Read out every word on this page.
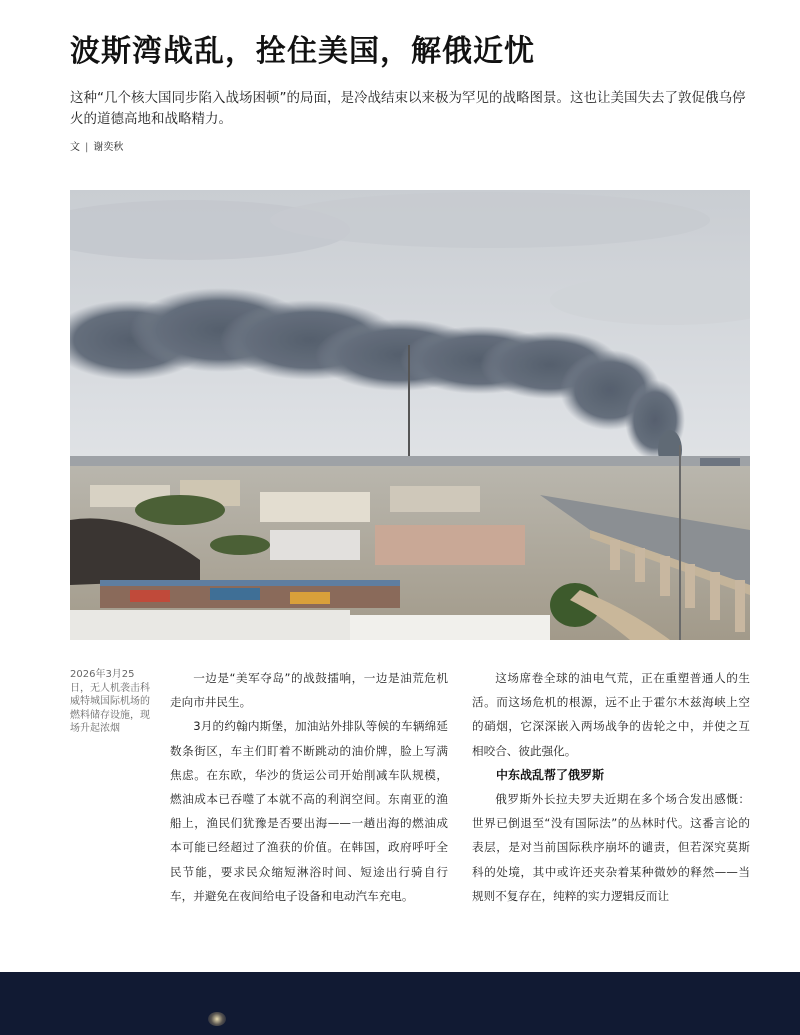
波斯湾战乱，拴住美国，解俄近忧

这种“几个核大国同步陷入战场困顿”的局面，是冷战结束以来极为罕见的战略图景。这也让美国失去了敦促俄乌停火的道德高地和战略精力。

文 | 谢奕秋
2026年3月25日，无人机袭击科威特城国际机场的燃料储存设施，现场升起浓烟

一边是“美军夺岛”的战鼓擂响，一边是油荒危机走向市井民生。

3月的约翰内斯堡，加油站外排队等候的车辆绵延数条街区，车主们盯着不断跳动的油价牌，脸上写满焦虑。在东欧，华沙的货运公司开始削减车队规模，燃油成本已吞噬了本就不高的利润空间。东南亚的渔船上，渔民们犹豫是否要出海——一趟出海的燃油成本可能已经超过了渔获的价值。在韩国，政府呼吁全民节能，要求民众缩短淋浴时间、短途出行骑自行车，并避免在夜间给电子设备和电动汽车充电。

这场席卷全球的油电气荒，正在重塑普通人的生活。而这场危机的根源，远不止于霍尔木兹海峡上空的硝烟，它深深嵌入两场战争的齿轮之中，并使之互相咬合、彼此强化。

中东战乱帮了俄罗斯

俄罗斯外长拉夫罗夫近期在多个场合发出感慨：世界已倒退至“没有国际法”的丛林时代。这番言论的表层，是对当前国际秩序崩坏的谴责，但若深究莫斯科的处境，其中或许还夹杂着某种微妙的释然——当规则不复存在，纯粹的实力逻辑反而让
